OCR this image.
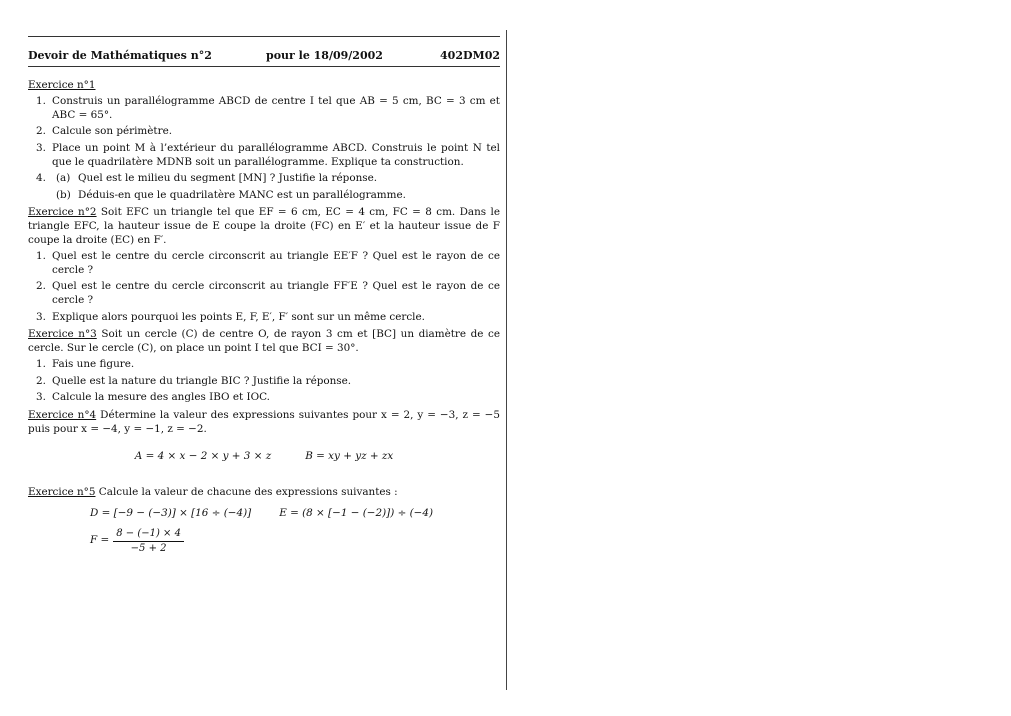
Devoir de Mathématiques n°2	pour le 18/09/2002	402DM02
Exercice n°1
1. Construis un parallélogramme ABCD de centre I tel que AB = 5 cm, BC = 3 cm et ABC = 65°.
2. Calcule son périmètre.
3. Place un point M à l’extérieur du parallélogramme ABCD. Construis le point N tel que le quadrilatère MDNB soit un parallélogramme. Explique ta construction.
4. (a) Quel est le milieu du segment [MN] ? Justifie la réponse.
(b) Déduis-en que le quadrilatère MANC est un parallélogramme.
Exercice n°2 Soit EFC un triangle tel que EF = 6 cm, EC = 4 cm, FC = 8 cm. Dans le triangle EFC, la hauteur issue de E coupe la droite (FC) en E′ et la hauteur issue de F coupe la droite (EC) en F′.
1. Quel est le centre du cercle circonscrit au triangle EE′F ? Quel est le rayon de ce cercle ?
2. Quel est le centre du cercle circonscrit au triangle FF′E ? Quel est le rayon de ce cercle ?
3. Explique alors pourquoi les points E, F, E′, F′ sont sur un même cercle.
Exercice n°3 Soit un cercle (C) de centre O, de rayon 3 cm et [BC] un diamètre de ce cercle. Sur le cercle (C), on place un point I tel que BCI = 30°.
1. Fais une figure.
2. Quelle est la nature du triangle BIC ? Justifie la réponse.
3. Calcule la mesure des angles IBO et IOC.
Exercice n°4 Détermine la valeur des expressions suivantes pour x = 2, y = −3, z = −5 puis pour x = −4, y = −1, z = −2.
A = 4 × x − 2 × y + 3 × z	B = xy + yz + zx
Exercice n°5 Calcule la valeur de chacune des expressions suivantes :
D = [−9 − (−3)] × [16 ÷ (−4)]	E = (8 × [−1 − (−2)]) ÷ (−4)
$F = \frac{8 - (-1) \times 4}{-5 + 2}$
